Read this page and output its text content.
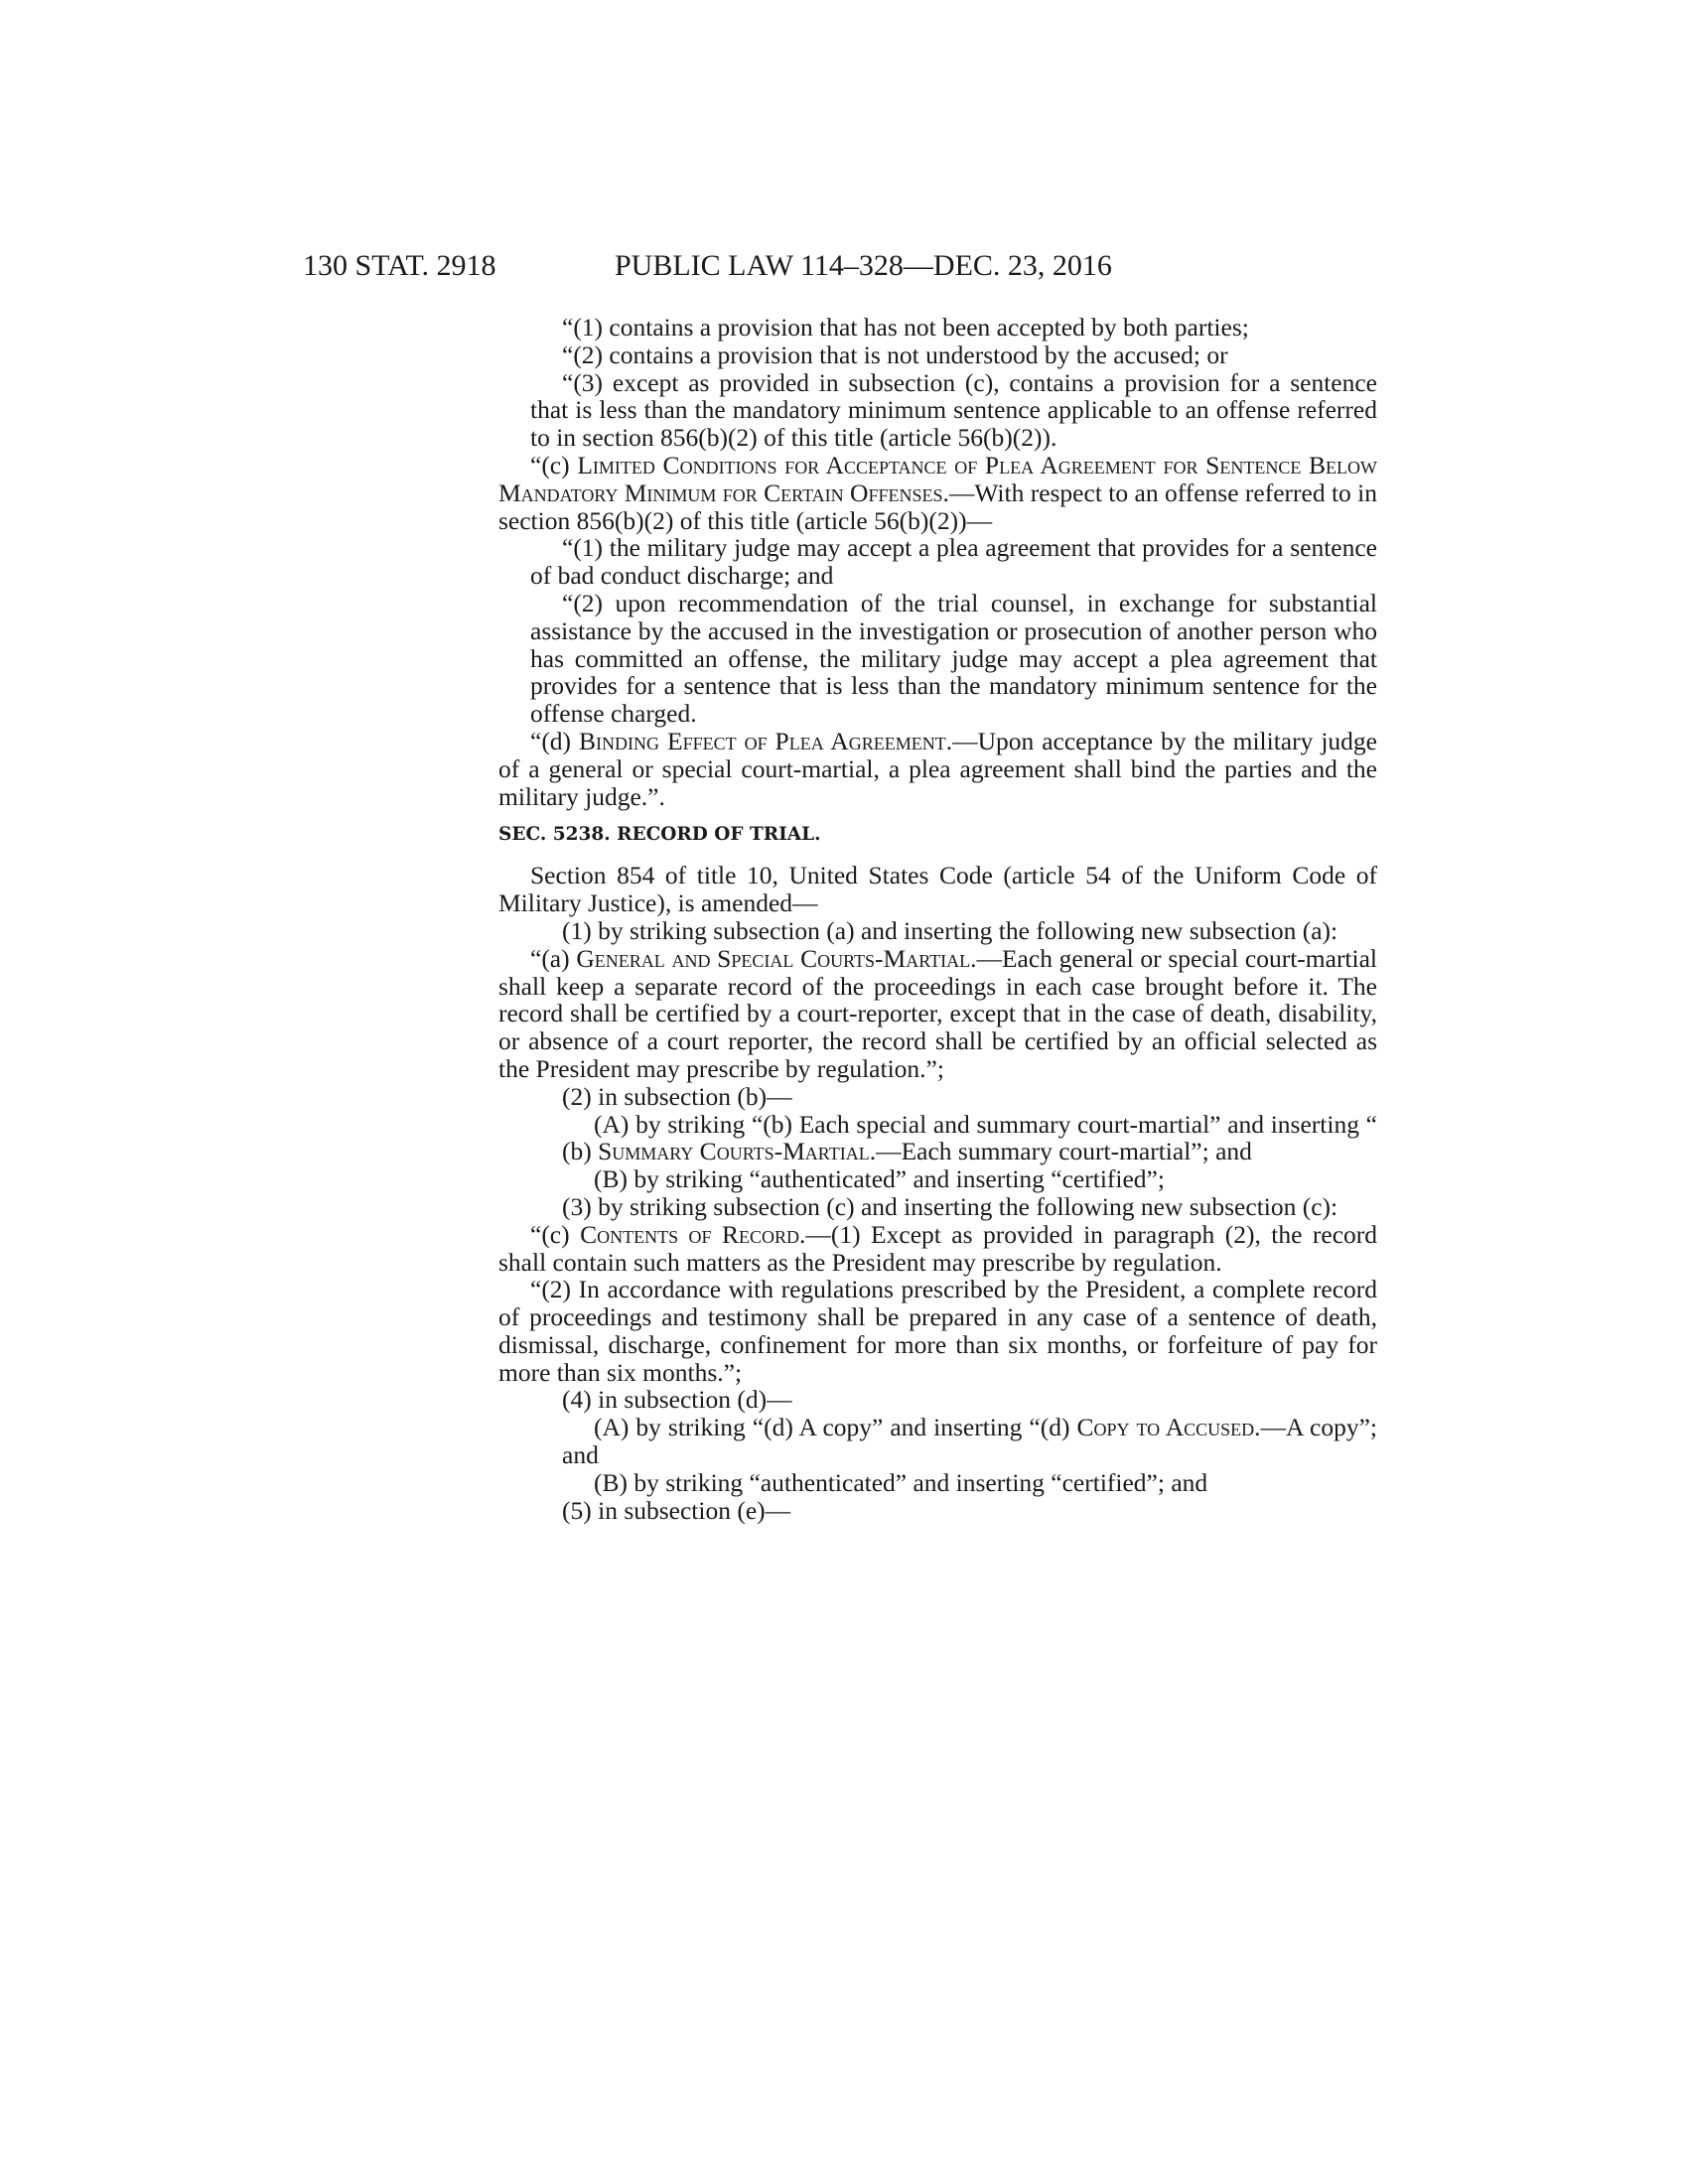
130 STAT. 2918	PUBLIC LAW 114–328—DEC. 23, 2016

“(1) contains a provision that has not been accepted by both parties;

“(2) contains a provision that is not understood by the accused; or

“(3) except as provided in subsection (c), contains a provision for a sentence that is less than the mandatory minimum sentence applicable to an offense referred to in section 856(b)(2) of this title (article 56(b)(2)).

“(c) Limited Conditions for Acceptance of Plea Agreement for Sentence Below Mandatory Minimum for Certain Offenses.—With respect to an offense referred to in section 856(b)(2) of this title (article 56(b)(2))—

“(1) the military judge may accept a plea agreement that provides for a sentence of bad conduct discharge; and

“(2) upon recommendation of the trial counsel, in exchange for substantial assistance by the accused in the investigation or prosecution of another person who has committed an offense, the military judge may accept a plea agreement that provides for a sentence that is less than the mandatory minimum sentence for the offense charged.

“(d) Binding Effect of Plea Agreement.—Upon acceptance by the military judge of a general or special court-martial, a plea agreement shall bind the parties and the military judge.”.

SEC. 5238. RECORD OF TRIAL.

Section 854 of title 10, United States Code (article 54 of the Uniform Code of Military Justice), is amended—

(1) by striking subsection (a) and inserting the following new subsection (a):

“(a) General and Special Courts-Martial.—Each general or special court-martial shall keep a separate record of the proceedings in each case brought before it. The record shall be certified by a court-reporter, except that in the case of death, disability, or absence of a court reporter, the record shall be certified by an official selected as the President may prescribe by regulation.”;

(2) in subsection (b)—

(A) by striking “(b) Each special and summary court-martial” and inserting “ (b) Summary Courts-Martial.—Each summary court-martial”; and

(B) by striking “authenticated” and inserting “certified”;

(3) by striking subsection (c) and inserting the following new subsection (c):

“(c) Contents of Record.—(1) Except as provided in paragraph (2), the record shall contain such matters as the President may prescribe by regulation.

“(2) In accordance with regulations prescribed by the President, a complete record of proceedings and testimony shall be prepared in any case of a sentence of death, dismissal, discharge, confinement for more than six months, or forfeiture of pay for more than six months.”;

(4) in subsection (d)—

(A) by striking “(d) A copy” and inserting “(d) Copy to Accused.—A copy”; and

(B) by striking “authenticated” and inserting “certified”; and

(5) in subsection (e)—
